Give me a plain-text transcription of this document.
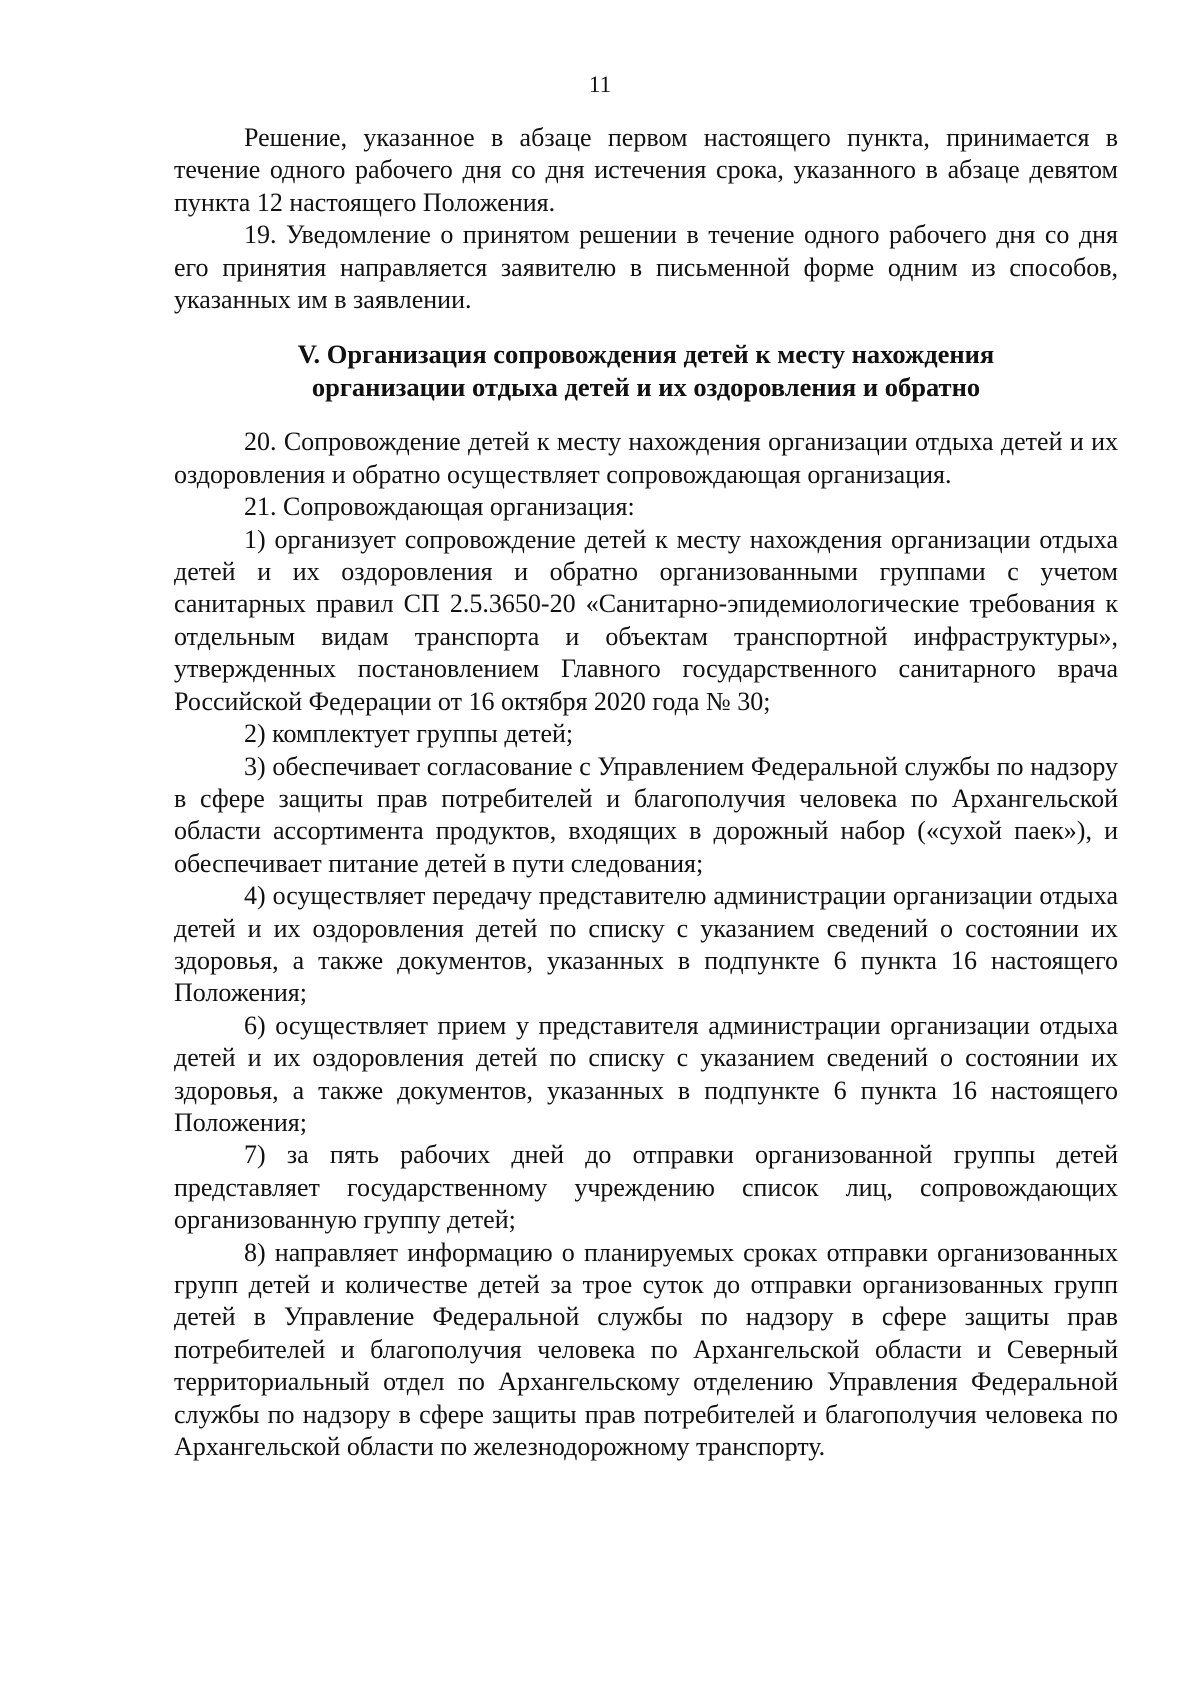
11

Решение, указанное в абзаце первом настоящего пункта, принимается в течение одного рабочего дня со дня истечения срока, указанного в абзаце девятом пункта 12 настоящего Положения.

19. Уведомление о принятом решении в течение одного рабочего дня со дня его принятия направляется заявителю в письменной форме одним из способов, указанных им в заявлении.

V. Организация сопровождения детей к месту нахождения
организации отдыха детей и их оздоровления и обратно

20. Сопровождение детей к месту нахождения организации отдыха детей и их оздоровления и обратно осуществляет сопровождающая организация.

21. Сопровождающая организация:

1) организует сопровождение детей к месту нахождения организации отдыха детей и их оздоровления и обратно организованными группами с учетом санитарных правил СП 2.5.3650-20 «Санитарно-эпидемиологические требования к отдельным видам транспорта и объектам транспортной инфраструктуры», утвержденных постановлением Главного государственного санитарного врача Российской Федерации от 16 октября 2020 года № 30;

2) комплектует группы детей;

3) обеспечивает согласование с Управлением Федеральной службы по надзору в сфере защиты прав потребителей и благополучия человека по Архангельской области ассортимента продуктов, входящих в дорожный набор («сухой паек»), и обеспечивает питание детей в пути следования;

4) осуществляет передачу представителю администрации организации отдыха детей и их оздоровления детей по списку с указанием сведений о состоянии их здоровья, а также документов, указанных в подпункте 6 пункта 16 настоящего Положения;

6) осуществляет прием у представителя администрации организации отдыха детей и их оздоровления детей по списку с указанием сведений о состоянии их здоровья, а также документов, указанных в подпункте 6 пункта 16 настоящего Положения;

7) за пять рабочих дней до отправки организованной группы детей представляет государственному учреждению список лиц, сопровождающих организованную группу детей;

8) направляет информацию о планируемых сроках отправки организованных групп детей и количестве детей за трое суток до отправки организованных групп детей в Управление Федеральной службы по надзору в сфере защиты прав потребителей и благополучия человека по Архангельской области и Северный территориальный отдел по Архангельскому отделению Управления Федеральной службы по надзору в сфере защиты прав потребителей и благополучия человека по Архангельской области по железнодорожному транспорту.
